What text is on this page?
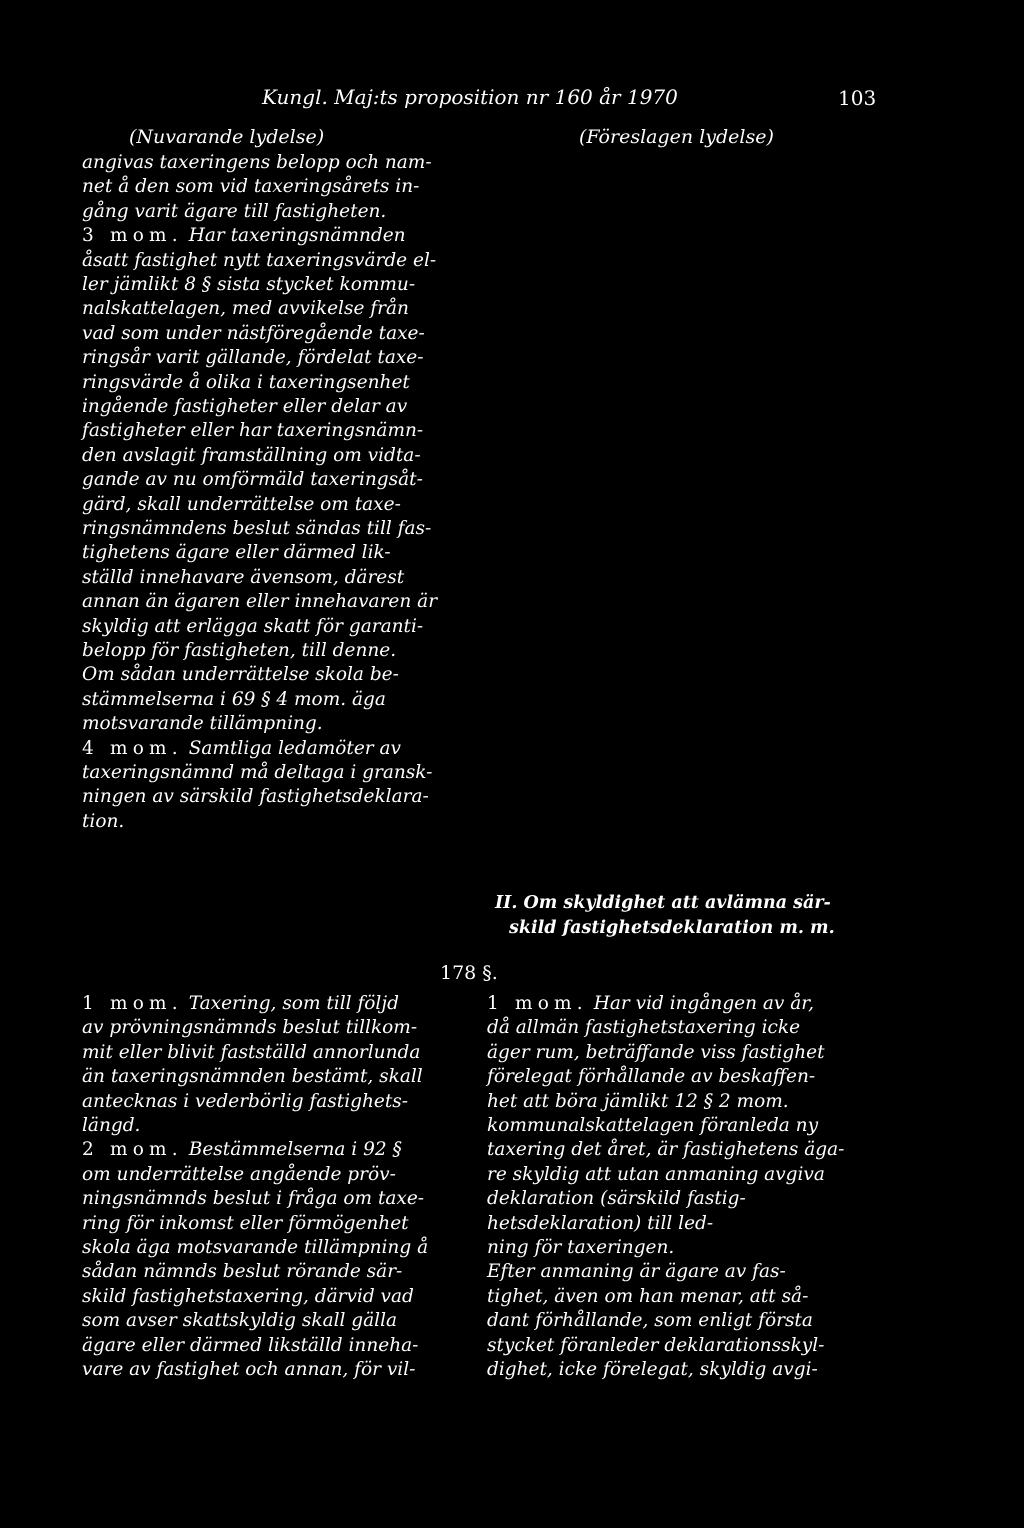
Kungl. Maj:ts proposition nr 160 år 1970	103
(Nuvarande lydelse)	(Föreslagen lydelse)
angivas taxeringens belopp och nam-
net å den som vid taxeringsårets in-
gång varit ägare till fastigheten.
3 mom. Har taxeringsnämnden
åsatt fastighet nytt taxeringsvärde el-
ler jämlikt 8 § sista stycket kommu-
nalskattelagen, med avvikelse från
vad som under nästföregående taxe-
ringsår varit gällande, fördelat taxe-
ringsvärde å olika i taxeringsenhet
ingående fastigheter eller delar av
fastigheter eller har taxeringsnämn-
den avslagit framställning om vidta-
gande av nu omförmäld taxeringsåt-
gärd, skall underrättelse om taxe-
ringsnämndens beslut sändas till fas-
tighetens ägare eller därmed lik-
ställd innehavare ävensom, därest
annan än ägaren eller innehavaren är
skyldig att erlägga skatt för garanti-
belopp för fastigheten, till denne.
Om sådan underrättelse skola be-
stämmelserna i 69 § 4 mom. äga
motsvarande tillämpning.
4 mom. Samtliga ledamöter av
taxeringsnämnd må deltaga i gransk-
ningen av särskild fastighetsdeklara-
tion.
II. Om skyldighet att avlämna sär-
skild fastighetsdeklaration m. m.
178 §.
1 mom. Taxering, som till följd
av prövningsnämnds beslut tillkom-
mit eller blivit fastställd annorlunda
än taxeringsnämnden bestämt, skall
antecknas i vederbörlig fastighets-
längd.
2 mom. Bestämmelserna i 92 §
om underrättelse angående pröv-
ningsnämnds beslut i fråga om taxe-
ring för inkomst eller förmögenhet
skola äga motsvarande tillämpning å
sådan nämnds beslut rörande sär-
skild fastighetstaxering, därvid vad
som avser skattskyldig skall gälla
ägare eller därmed likställd inneha-
vare av fastighet och annan, för vil-
1 mom. Har vid ingången av år,
då allmän fastighetstaxering icke
äger rum, beträffande viss fastighet
förelegat förhållande av beskaffen-
het att böra jämlikt 12 § 2 mom.
kommunalskattelagen föranleda ny
taxering det året, är fastighetens äga-
re skyldig att utan anmaning avgiva
deklaration (särskild fastig-
hetsdeklaration) till led-
ning för taxeringen.
Efter anmaning är ägare av fas-
tighet, även om han menar, att så-
dant förhållande, som enligt första
stycket föranleder deklarationsskyl-
dighet, icke förelegat, skyldig avgi-
